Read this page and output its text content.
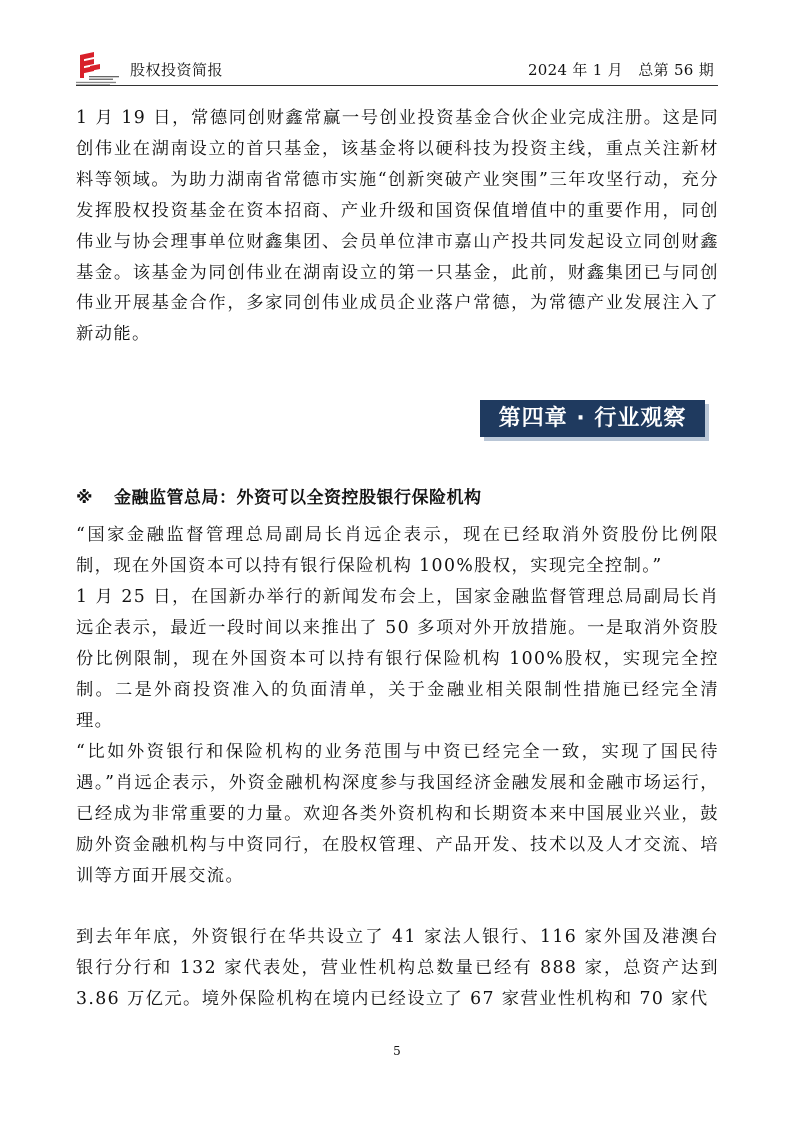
股权投资简报	2024 年 1 月　总第 56 期

1 月 19 日，常德同创财鑫常赢一号创业投资基金合伙企业完成注册。这是同创伟业在湖南设立的首只基金，该基金将以硬科技为投资主线，重点关注新材料等领域。为助力湖南省常德市实施“创新突破产业突围”三年攻坚行动，充分发挥股权投资基金在资本招商、产业升级和国资保值增值中的重要作用，同创伟业与协会理事单位财鑫集团、会员单位津市嘉山产投共同发起设立同创财鑫基金。该基金为同创伟业在湖南设立的第一只基金，此前，财鑫集团已与同创伟业开展基金合作，多家同创伟业成员企业落户常德，为常德产业发展注入了新动能。

第四章 · 行业观察
※ 金融监管总局：外资可以全资控股银行保险机构

“国家金融监督管理总局副局长肖远企表示，现在已经取消外资股份比例限制，现在外国资本可以持有银行保险机构 100%股权，实现完全控制。”

1 月 25 日，在国新办举行的新闻发布会上，国家金融监督管理总局副局长肖远企表示，最近一段时间以来推出了 50 多项对外开放措施。一是取消外资股份比例限制，现在外国资本可以持有银行保险机构 100%股权，实现完全控制。二是外商投资准入的负面清单，关于金融业相关限制性措施已经完全清理。

“比如外资银行和保险机构的业务范围与中资已经完全一致，实现了国民待遇。”肖远企表示，外资金融机构深度参与我国经济金融发展和金融市场运行，已经成为非常重要的力量。欢迎各类外资机构和长期资本来中国展业兴业，鼓励外资金融机构与中资同行，在股权管理、产品开发、技术以及人才交流、培训等方面开展交流。

到去年年底，外资银行在华共设立了 41 家法人银行、116 家外国及港澳台银行分行和 132 家代表处，营业性机构总数量已经有 888 家，总资产达到 3.86 万亿元。境外保险机构在境内已经设立了 67 家营业性机构和 70 家代

5
